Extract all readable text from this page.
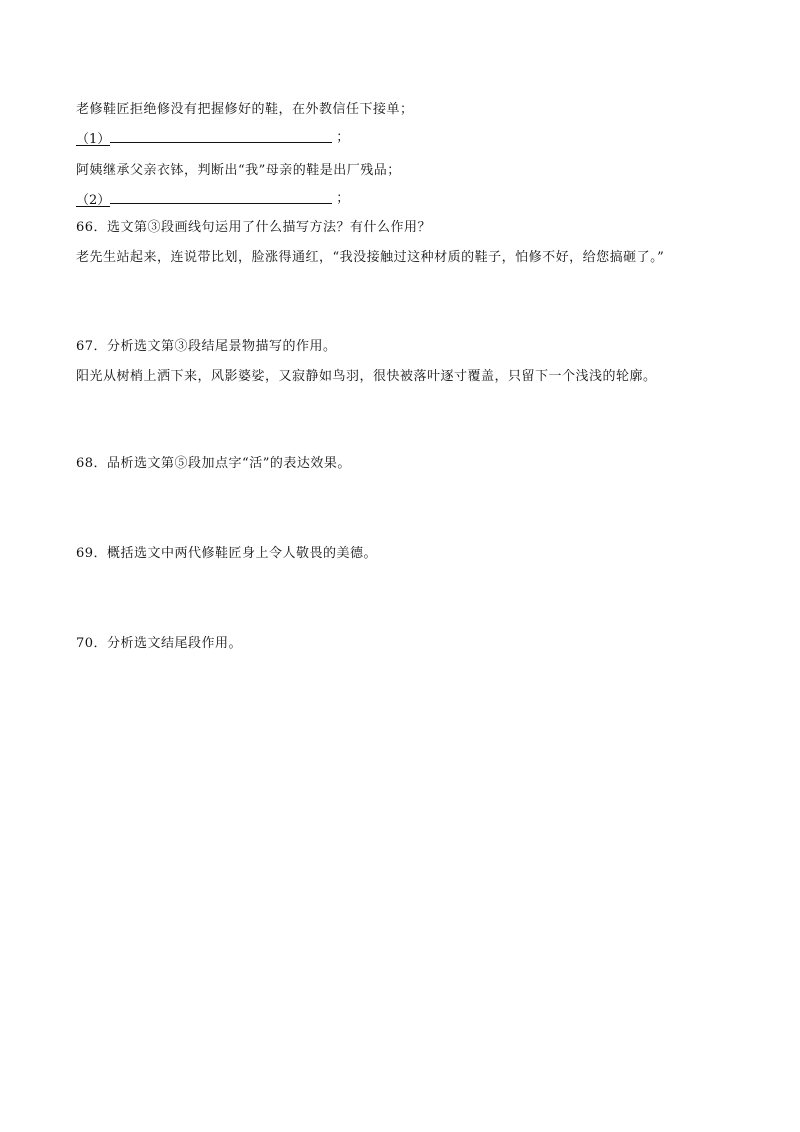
老修鞋匠拒绝修没有把握修好的鞋，在外教信任下接单；
（1）	；
阿姨继承父亲衣钵，判断出“我”母亲的鞋是出厂残品；
（2）	；
66．选文第③段画线句运用了什么描写方法？有什么作用？
老先生站起来，连说带比划，脸涨得通红，“我没接触过这种材质的鞋子，怕修不好，给您搞砸了。”
67．分析选文第③段结尾景物描写的作用。
阳光从树梢上洒下来，风影婆娑，又寂静如鸟羽，很快被落叶逐寸覆盖，只留下一个浅浅的轮廓。
68．品析选文第⑤段加点字“活”的表达效果。
69．概括选文中两代修鞋匠身上令人敬畏的美德。
70．分析选文结尾段作用。
